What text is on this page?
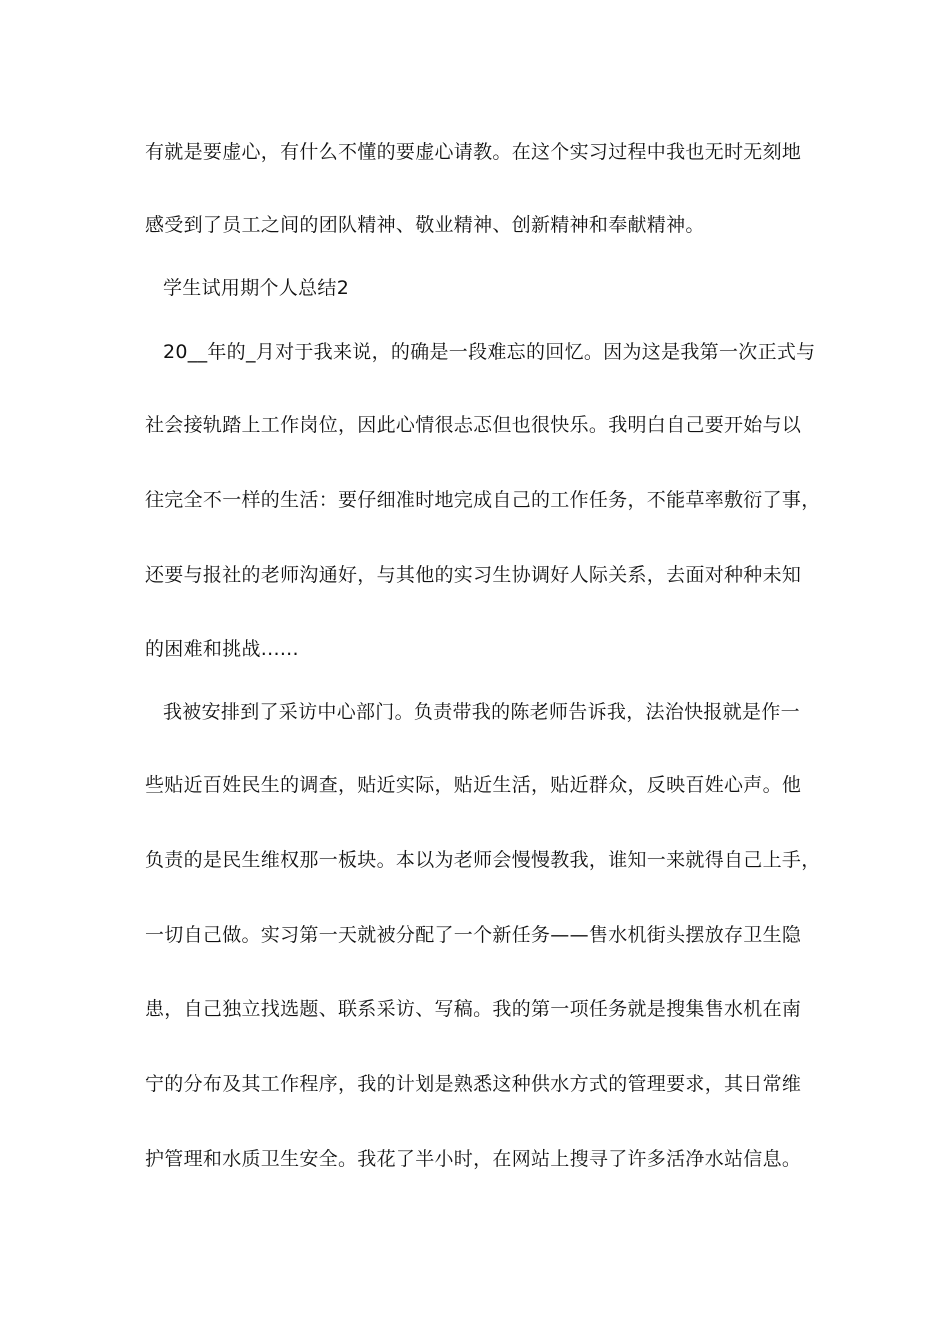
有就是要虚心，有什么不懂的要虚心请教。在这个实习过程中我也无时无刻地

感受到了员工之间的团队精神、敬业精神、创新精神和奉献精神。

学生试用期个人总结2

20__年的_月对于我来说，的确是一段难忘的回忆。因为这是我第一次正式与

社会接轨踏上工作岗位，因此心情很忐忑但也很快乐。我明白自己要开始与以

往完全不一样的生活：要仔细准时地完成自己的工作任务，不能草率敷衍了事，

还要与报社的老师沟通好，与其他的实习生协调好人际关系，去面对种种未知

的困难和挑战......

我被安排到了采访中心部门。负责带我的陈老师告诉我，法治快报就是作一

些贴近百姓民生的调查，贴近实际，贴近生活，贴近群众，反映百姓心声。他

负责的是民生维权那一板块。本以为老师会慢慢教我，谁知一来就得自己上手，

一切自己做。实习第一天就被分配了一个新任务——售水机街头摆放存卫生隐

患，自己独立找选题、联系采访、写稿。我的第一项任务就是搜集售水机在南

宁的分布及其工作程序，我的计划是熟悉这种供水方式的管理要求，其日常维

护管理和水质卫生安全。我花了半小时，在网站上搜寻了许多活净水站信息。
